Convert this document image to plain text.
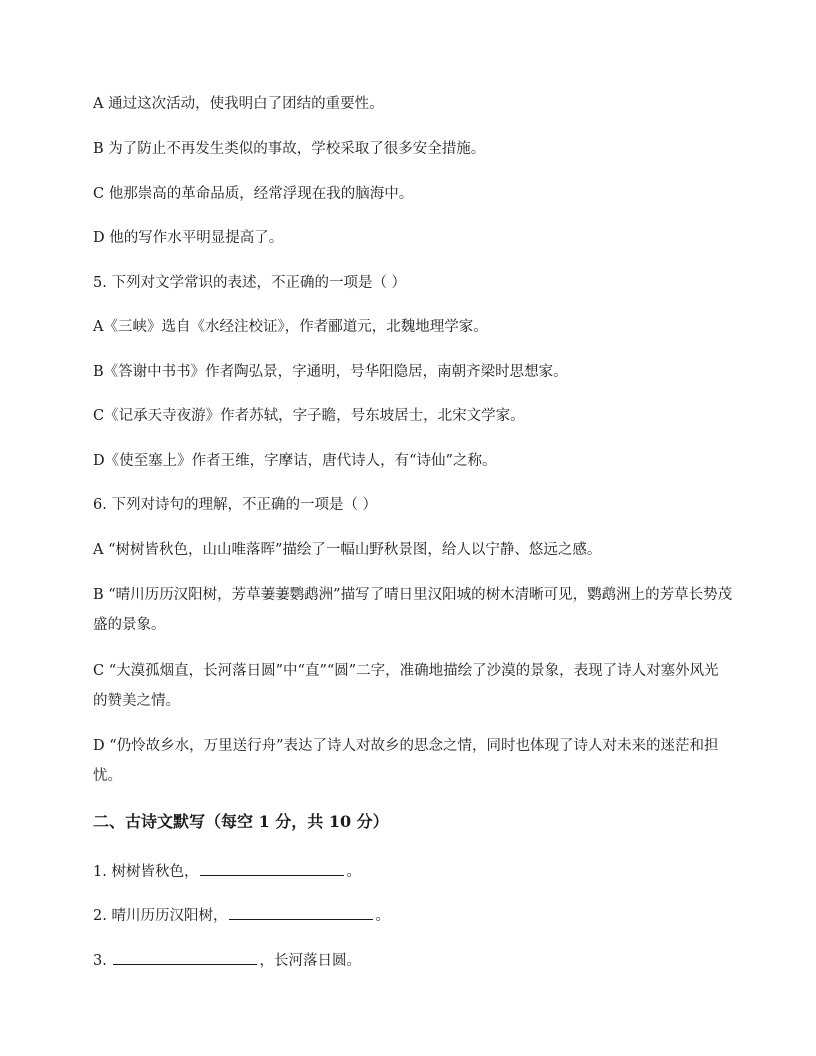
A 通过这次活动，使我明白了团结的重要性。
B 为了防止不再发生类似的事故，学校采取了很多安全措施。
C 他那崇高的革命品质，经常浮现在我的脑海中。
D 他的写作水平明显提高了。
5. 下列对文学常识的表述，不正确的一项是（ ）
A《三峡》选自《水经注校证》，作者郦道元，北魏地理学家。
B《答谢中书书》作者陶弘景，字通明，号华阳隐居，南朝齐梁时思想家。
C《记承天寺夜游》作者苏轼，字子瞻，号东坡居士，北宋文学家。
D《使至塞上》作者王维，字摩诘，唐代诗人，有“诗仙”之称。
6. 下列对诗句的理解，不正确的一项是（ ）
A “树树皆秋色，山山唯落晖”描绘了一幅山野秋景图，给人以宁静、悠远之感。
B “晴川历历汉阳树，芳草萋萋鹦鹉洲”描写了晴日里汉阳城的树木清晰可见，鹦鹉洲上的芳草长势茂盛的景象。
C “大漠孤烟直，长河落日圆”中“直”“圆”二字，准确地描绘了沙漠的景象，表现了诗人对塞外风光的赞美之情。
D “仍怜故乡水，万里送行舟”表达了诗人对故乡的思念之情，同时也体现了诗人对未来的迷茫和担忧。
二、古诗文默写（每空 1 分，共 10 分）
1. 树树皆秋色，	。
2. 晴川历历汉阳树，	。
3.	，长河落日圆。
